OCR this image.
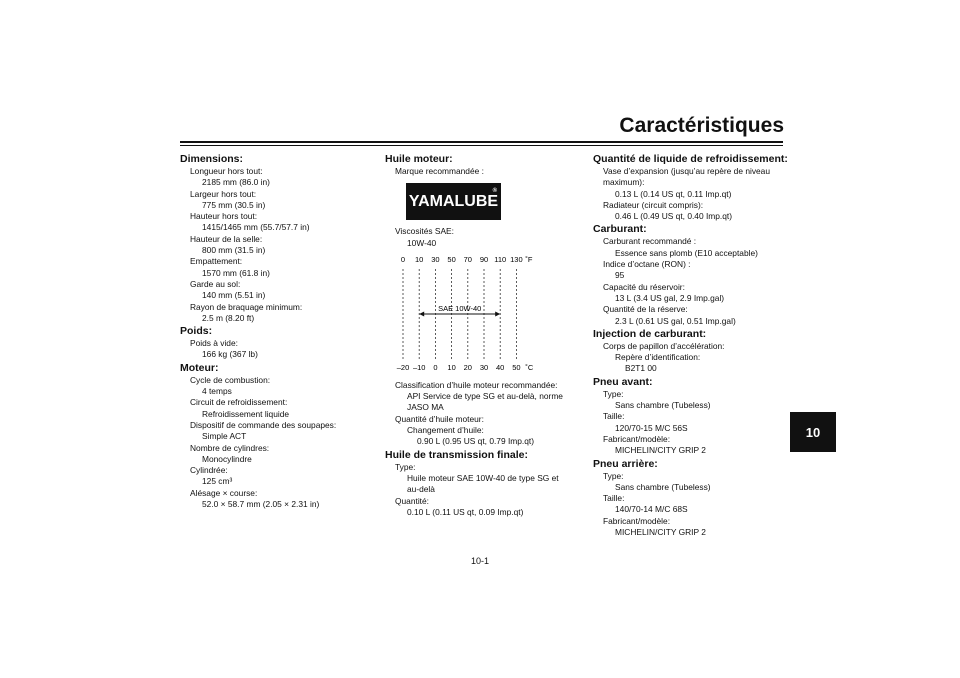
Caractéristiques
10
Dimensions:
Longueur hors tout:
2185 mm (86.0 in)
Largeur hors tout:
775 mm (30.5 in)
Hauteur hors tout:
1415/1465 mm (55.7/57.7 in)
Hauteur de la selle:
800 mm (31.5 in)
Empattement:
1570 mm (61.8 in)
Garde au sol:
140 mm (5.51 in)
Rayon de braquage minimum:
2.5 m (8.20 ft)
Poids:
Poids à vide:
166 kg (367 lb)
Moteur:
Cycle de combustion:
4 temps
Circuit de refroidissement:
Refroidissement liquide
Dispositif de commande des soupapes:
Simple ACT
Nombre de cylindres:
Monocylindre
Cylindrée:
125 cm³
Alésage × course:
52.0 × 58.7 mm (2.05 × 2.31 in)
Huile moteur:
Marque recommandée :
YAMALUBE
®
Viscosités SAE:
10W-40
0
–20
10
–10
30
0
50
10
70
20
90
30
110
40
130
50
˚F
˚C
SAE 10W-40
Classification d’huile moteur recommandée:
API Service de type SG et au-delà, norme
JASO MA
Quantité d’huile moteur:
Changement d’huile:
0.90 L (0.95 US qt, 0.79 Imp.qt)
Huile de transmission finale:
Type:
Huile moteur SAE 10W-40 de type SG et
au-delà
Quantité:
0.10 L (0.11 US qt, 0.09 Imp.qt)
Quantité de liquide de refroidissement:
Vase d’expansion (jusqu’au repère de niveau
maximum):
0.13 L (0.14 US qt, 0.11 Imp.qt)
Radiateur (circuit compris):
0.46 L (0.49 US qt, 0.40 Imp.qt)
Carburant:
Carburant recommandé :
Essence sans plomb (E10 acceptable)
Indice d’octane (RON) :
95
Capacité du réservoir:
13 L (3.4 US gal, 2.9 Imp.gal)
Quantité de la réserve:
2.3 L (0.61 US gal, 0.51 Imp.gal)
Injection de carburant:
Corps de papillon d’accélération:
Repère d’identification:
B2T1 00
Pneu avant:
Type:
Sans chambre (Tubeless)
Taille:
120/70-15 M/C 56S
Fabricant/modèle:
MICHELIN/CITY GRIP 2
Pneu arrière:
Type:
Sans chambre (Tubeless)
Taille:
140/70-14 M/C 68S
Fabricant/modèle:
MICHELIN/CITY GRIP 2
10-1
